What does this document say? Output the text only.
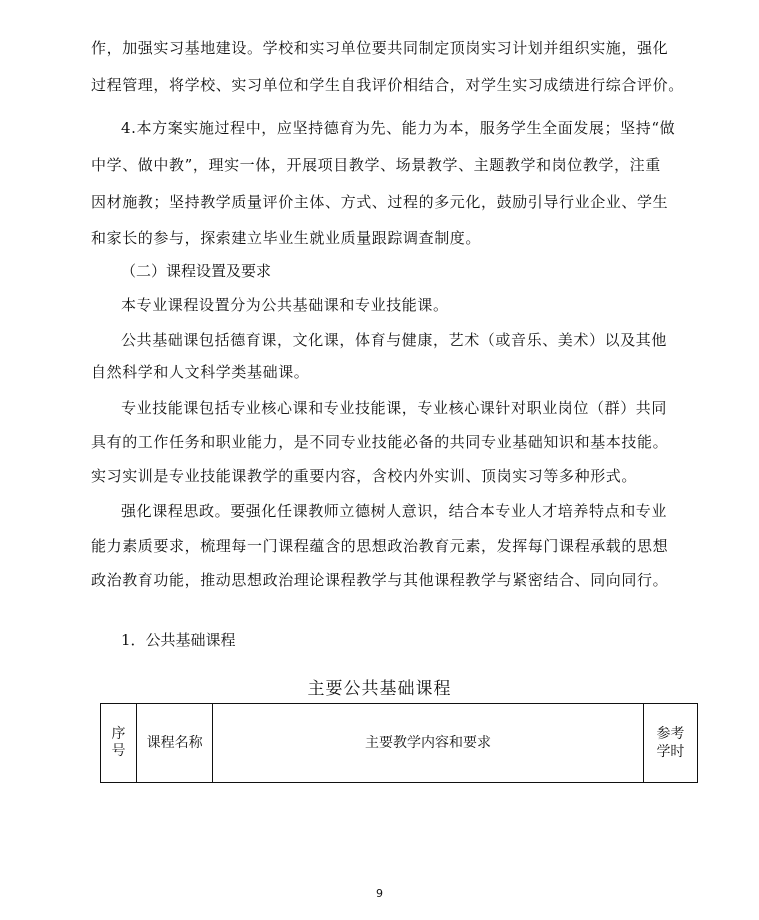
作，加强实习基地建设。学校和实习单位要共同制定顶岗实习计划并组织实施，强化
过程管理，将学校、实习单位和学生自我评价相结合，对学生实习成绩进行综合评价。
4.本方案实施过程中，应坚持德育为先、能力为本，服务学生全面发展；坚持“做
中学、做中教”，理实一体，开展项目教学、场景教学、主题教学和岗位教学，注重
因材施教；坚持教学质量评价主体、方式、过程的多元化，鼓励引导行业企业、学生
和家长的参与，探索建立毕业生就业质量跟踪调查制度。
（二）课程设置及要求
本专业课程设置分为公共基础课和专业技能课。
公共基础课包括德育课，文化课，体育与健康，艺术（或音乐、美术）以及其他
自然科学和人文科学类基础课。
专业技能课包括专业核心课和专业技能课，专业核心课针对职业岗位（群）共同
具有的工作任务和职业能力，是不同专业技能必备的共同专业基础知识和基本技能。
实习实训是专业技能课教学的重要内容，含校内外实训、顶岗实习等多种形式。
强化课程思政。要强化任课教师立德树人意识，结合本专业人才培养特点和专业
能力素质要求，梳理每一门课程蕴含的思想政治教育元素，发挥每门课程承载的思想
政治教育功能，推动思想政治理论课程教学与其他课程教学与紧密结合、同向同行。
1．公共基础课程
主要公共基础课程
序号	课程名称	主要教学内容和要求	参考学时
9
